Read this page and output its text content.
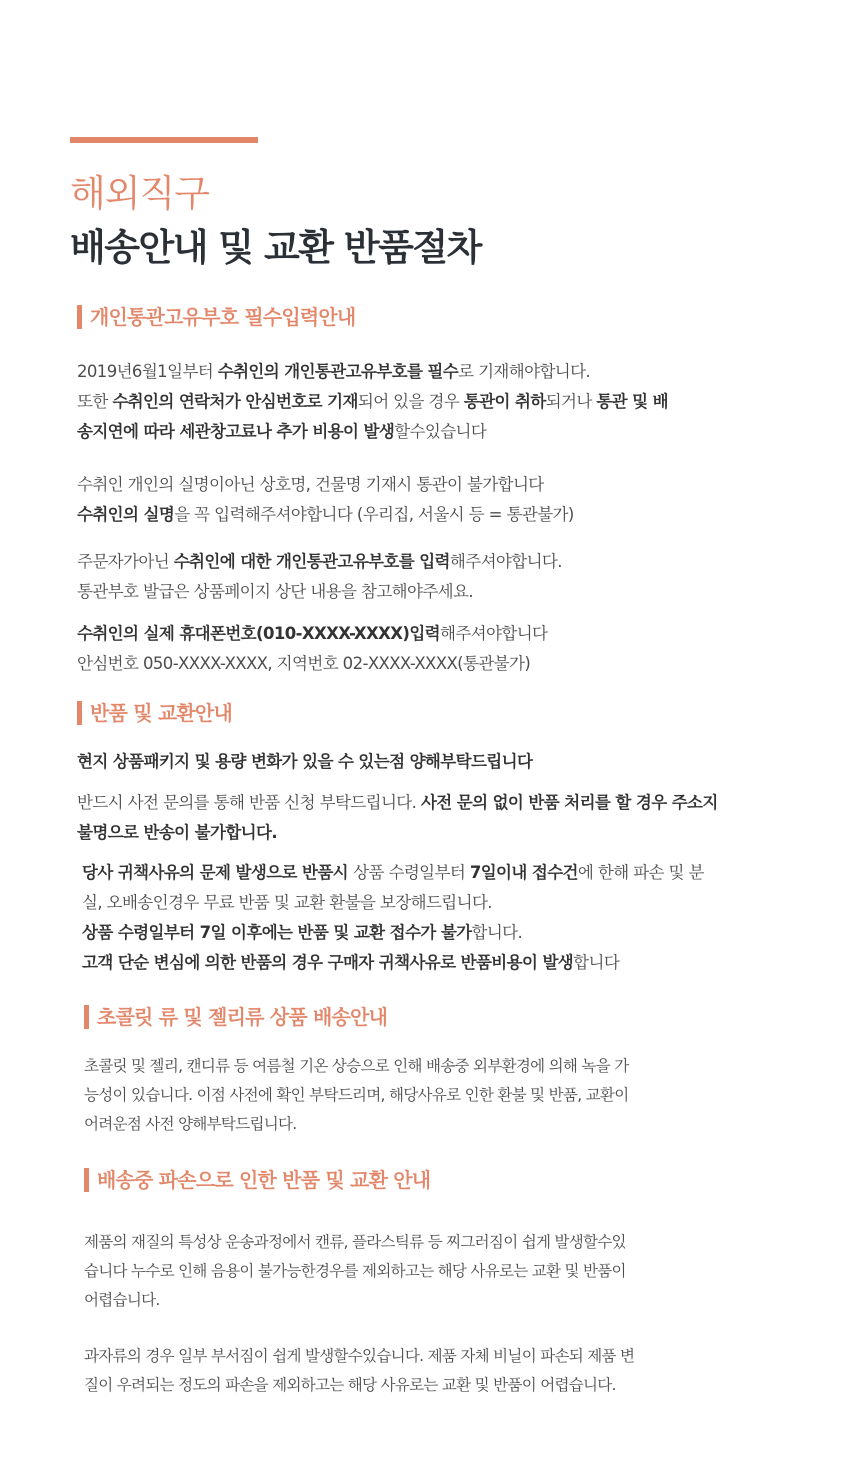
해외직구
배송안내 및 교환 반품절차
개인통관고유부호 필수입력안내

2019년6월1일부터 수취인의 개인통관고유부호를 필수로 기재해야합니다.
또한 수취인의 연락처가 안심번호로 기재되어 있을 경우 통관이 취하되거나 통관 및 배
송지연에 따라 세관창고료나 추가 비용이 발생할수있습니다

수취인 개인의 실명이아닌 상호명, 건물명 기재시 통관이 불가합니다
수취인의 실명을 꼭 입력해주셔야합니다 (우리집, 서울시 등 = 통관불가)

주문자가아닌 수취인에 대한 개인통관고유부호를 입력해주셔야합니다.
통관부호 발급은 상품페이지 상단 내용을 참고해야주세요.

수취인의 실제 휴대폰번호(010-XXXX-XXXX)입력해주셔야합니다
안심번호 050-XXXX-XXXX, 지역번호 02-XXXX-XXXX(통관불가)

반품 및 교환안내

현지 상품패키지 및 용량 변화가 있을 수 있는점 양해부탁드립니다

반드시 사전 문의를 통해 반품 신청 부탁드립니다. 사전 문의 없이 반품 처리를 할 경우 주소지
불명으로 반송이 불가합니다.

당사 귀책사유의 문제 발생으로 반품시 상품 수령일부터 7일이내 접수건에 한해 파손 및 분
실, 오배송인경우 무료 반품 및 교환 환불을 보장해드립니다.
상품 수령일부터 7일 이후에는 반품 및 교환 접수가 불가합니다.
고객 단순 변심에 의한 반품의 경우 구매자 귀책사유로 반품비용이 발생합니다

초콜릿 류 및 젤리류 상품 배송안내

초콜릿 및 젤리, 캔디류 등 여름철 기온 상승으로 인해 배송중 외부환경에 의해 녹을 가
능성이 있습니다. 이점 사전에 확인 부탁드리며, 해당사유로 인한 환불 및 반품, 교환이
어려운점 사전 양해부탁드립니다.

배송중 파손으로 인한 반품 및 교환 안내

제품의 재질의 특성상 운송과정에서 캔류, 플라스틱류 등 찌그러짐이 쉽게 발생할수있
습니다 누수로 인해 음용이 불가능한경우를 제외하고는 해당 사유로는 교환 및 반품이
어렵습니다.

과자류의 경우 일부 부서짐이 쉽게 발생할수있습니다. 제품 자체 비닐이 파손되 제품 변
질이 우려되는 정도의 파손을 제외하고는 해당 사유로는 교환 및 반품이 어렵습니다.
